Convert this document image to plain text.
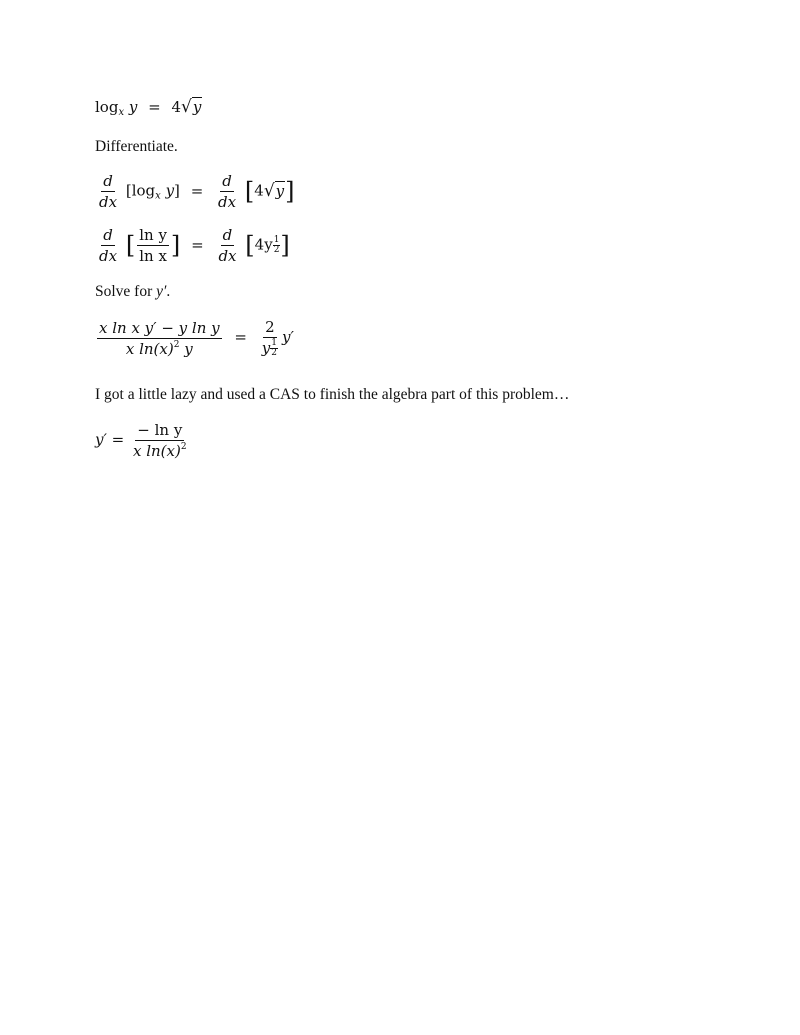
$\log_x y = 4√y$
Differentiate.
$\frac{d}{dx} [\log_x$ $y] = \frac{d}{dx} [4√y]$
$\frac{d}{dx}$ [ $\frac{\text{ln y}}{\text{ln x}}$ ] = $\frac{d}{dx} [4y \frac{1}{2}$ ]
Solve for y′.
$\frac{\text{x ln x y′ − y ln y}}{x \ln(x)^2 y} = \frac{2}{y \frac{1}{2}} y'$
I got a little lazy and used a CAS to finish the algebra part of this problem…
$y' = \frac{\text{− ln y}}{x \ln(x)^2}$
